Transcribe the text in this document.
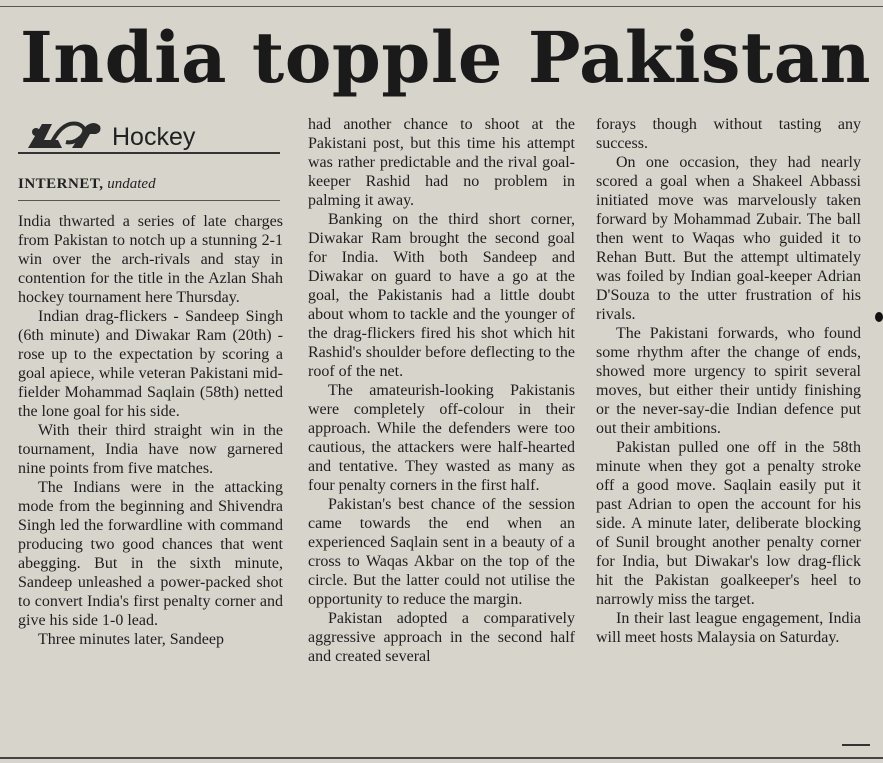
India topple Pakistan
Hockey
INTERNET, undated

India thwarted a series of late charges from Pakistan to notch up a stunning 2-1 win over the arch-rivals and stay in contention for the title in the Azlan Shah hockey tournament here Thursday.

Indian drag-flickers - Sandeep Singh (6th minute) and Diwakar Ram (20th) - rose up to the expectation by scoring a goal apiece, while veteran Pakistani mid-fielder Mohammad Saqlain (58th) netted the lone goal for his side.

With their third straight win in the tournament, India have now garnered nine points from five matches.

The Indians were in the attacking mode from the beginning and Shivendra Singh led the forwardline with command producing two good chances that went abegging. But in the sixth minute, Sandeep unleashed a power-packed shot to convert India's first penalty corner and give his side 1-0 lead.

Three minutes later, Sandeep

had another chance to shoot at the Pakistani post, but this time his attempt was rather predictable and the rival goal-keeper Rashid had no problem in palming it away.

Banking on the third short corner, Diwakar Ram brought the second goal for India. With both Sandeep and Diwakar on guard to have a go at the goal, the Pakistanis had a little doubt about whom to tackle and the younger of the drag-flickers fired his shot which hit Rashid's shoulder before deflecting to the roof of the net.

The amateurish-looking Pakistanis were completely off-colour in their approach. While the defenders were too cautious, the attackers were half-hearted and tentative. They wasted as many as four penalty corners in the first half.

Pakistan's best chance of the session came towards the end when an experienced Saqlain sent in a beauty of a cross to Waqas Akbar on the top of the circle. But the latter could not utilise the opportunity to reduce the margin.

Pakistan adopted a comparatively aggressive approach in the second half and created several

forays though without tasting any success.

On one occasion, they had nearly scored a goal when a Shakeel Abbassi initiated move was marvelously taken forward by Mohammad Zubair. The ball then went to Waqas who guided it to Rehan Butt. But the attempt ultimately was foiled by Indian goal-keeper Adrian D'Souza to the utter frustration of his rivals.

The Pakistani forwards, who found some rhythm after the change of ends, showed more urgency to spirit several moves, but either their untidy finishing or the never-say-die Indian defence put out their ambitions.

Pakistan pulled one off in the 58th minute when they got a penalty stroke off a good move. Saqlain easily put it past Adrian to open the account for his side. A minute later, deliberate blocking of Sunil brought another penalty corner for India, but Diwakar's low drag-flick hit the Pakistan goalkeeper's heel to narrowly miss the target.

In their last league engagement, India will meet hosts Malaysia on Saturday.
